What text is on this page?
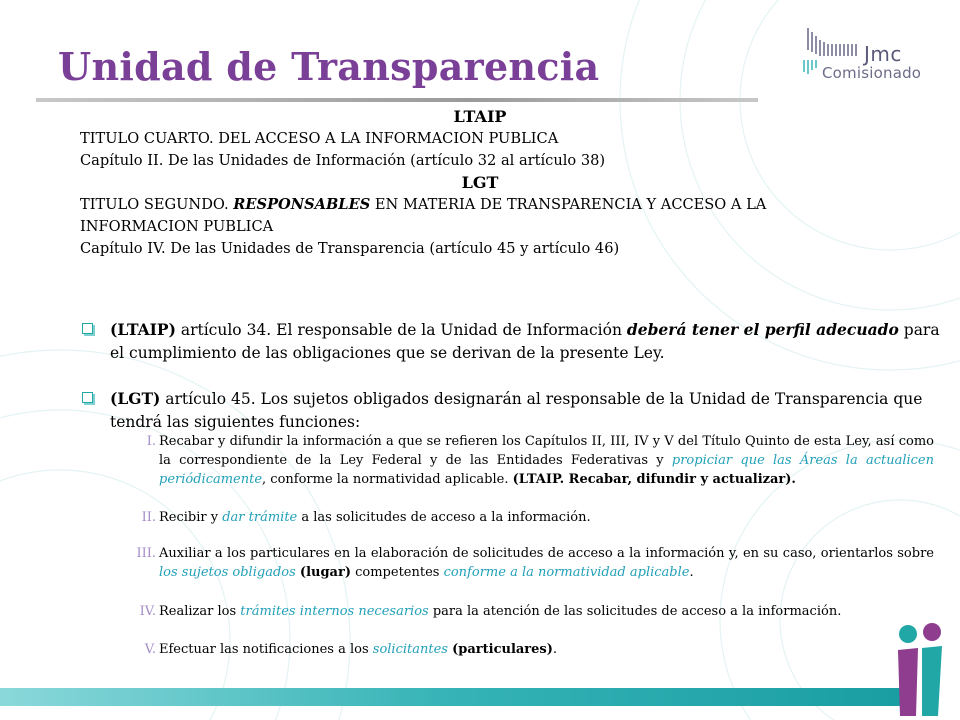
Unidad de Transparencia	Jmc
Comisionado

LTAIP

TITULO CUARTO. DEL ACCESO A LA INFORMACION PUBLICA

Capítulo II. De las Unidades de Información (artículo 32 al artículo 38)

LGT

TITULO SEGUNDO. RESPONSABLES EN MATERIA DE TRANSPARENCIA Y ACCESO A LA INFORMACION PUBLICA

Capítulo IV. De las Unidades de Transparencia (artículo 45 y artículo 46)

(LTAIP) artículo 34. El responsable de la Unidad de Información deberá tener el perfil adecuado para el cumplimiento de las obligaciones que se derivan de la presente Ley.
(LGT) artículo 45. Los sujetos obligados designarán al responsable de la Unidad de Transparencia que tendrá las siguientes funciones:
I. Recabar y difundir la información a que se refieren los Capítulos II, III, IV y V del Título Quinto de esta Ley, así como la correspondiente de la Ley Federal y de las Entidades Federativas y propiciar que las Áreas la actualicen periódicamente, conforme la normatividad aplicable. (LTAIP. Recabar, difundir y actualizar).
II. Recibir y dar trámite a las solicitudes de acceso a la información.
III. Auxiliar a los particulares en la elaboración de solicitudes de acceso a la información y, en su caso, orientarlos sobre los sujetos obligados (lugar) competentes conforme a la normatividad aplicable.
IV. Realizar los trámites internos necesarios para la atención de las solicitudes de acceso a la información.
V. Efectuar las notificaciones a los solicitantes (particulares).
